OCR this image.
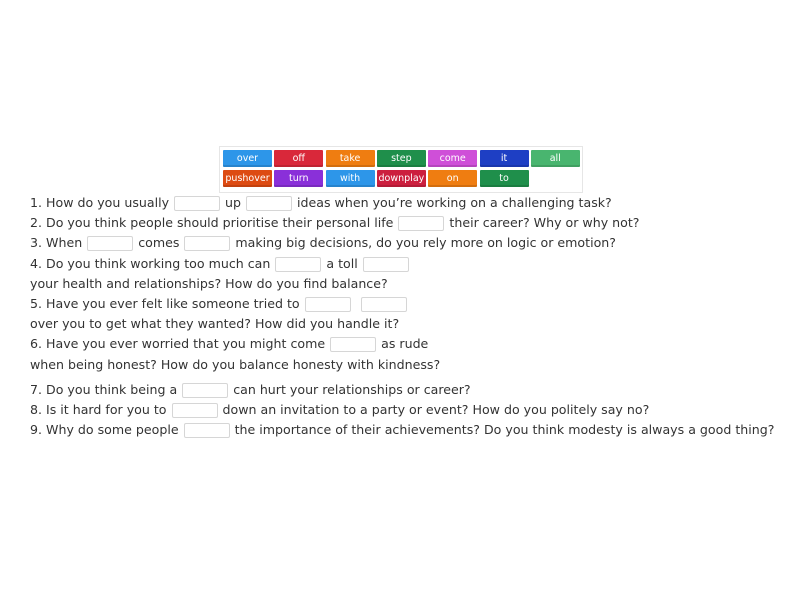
over	off	take	step	come	it	all
pushover	turn	with	downplay	on	to
1. How do you usually	up	ideas when you’re working on a challenging task?
2. Do you think people should prioritise their personal life	their career? Why or why not?
3. When	comes	making big decisions, do you rely more on logic or emotion?
4. Do you think working too much can	a toll
your health and relationships? How do you find balance?
5. Have you ever felt like someone tried to
over you to get what they wanted? How did you handle it?
6. Have you ever worried that you might come	as rude
when being honest? How do you balance honesty with kindness?
7. Do you think being a	can hurt your relationships or career?
8. Is it hard for you to	down an invitation to a party or event? How do you politely say no?
9. Why do some people	the importance of their achievements? Do you think modesty is always a good thing?
